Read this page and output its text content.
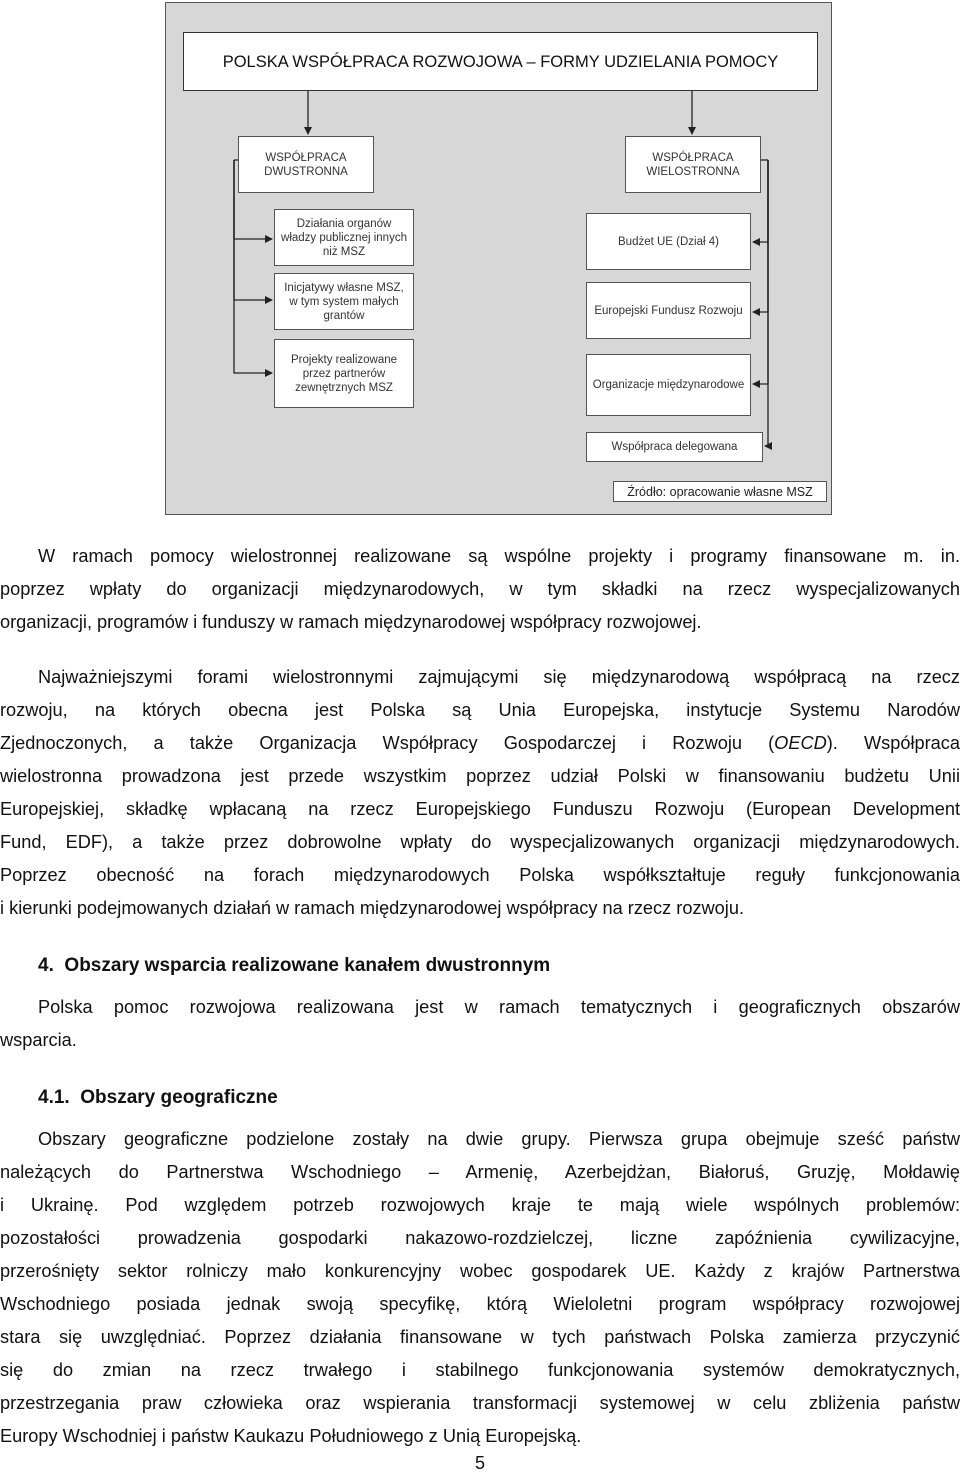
POLSKA WSPÓŁPRACA ROZWOJOWA – FORMY UDZIELANIA POMOCY
WSPÓŁPRACA DWUSTRONNA
WSPÓŁPRACA WIELOSTRONNA
Działania organów władzy publicznej innych niż MSZ
Inicjatywy własne MSZ, w tym system małych grantów
Projekty realizowane przez partnerów zewnętrznych MSZ
Budżet UE (Dział 4)
Europejski Fundusz Rozwoju
Organizacje międzynarodowe
Współpraca delegowana
Źródło: opracowanie własne MSZ
W ramach pomocy wielostronnej realizowane są wspólne projekty i programy finansowane m. in.
poprzez wpłaty do organizacji międzynarodowych, w tym składki na rzecz wyspecjalizowanych
organizacji, programów i funduszy w ramach międzynarodowej współpracy rozwojowej.
Najważniejszymi forami wielostronnymi zajmującymi się międzynarodową współpracą na rzecz
rozwoju, na których obecna jest Polska są Unia Europejska, instytucje Systemu Narodów
Zjednoczonych, a także Organizacja Współpracy Gospodarczej i Rozwoju (OECD). Współpraca
wielostronna prowadzona jest przede wszystkim poprzez udział Polski w finansowaniu budżetu Unii
Europejskiej, składkę wpłacaną na rzecz Europejskiego Funduszu Rozwoju (European Development
Fund, EDF), a także przez dobrowolne wpłaty do wyspecjalizowanych organizacji międzynarodowych.
Poprzez obecność na forach międzynarodowych Polska współkształtuje reguły funkcjonowania
i kierunki podejmowanych działań w ramach międzynarodowej współpracy na rzecz rozwoju.
4. Obszary wsparcia realizowane kanałem dwustronnym
Polska pomoc rozwojowa realizowana jest w ramach tematycznych i geograficznych obszarów
wsparcia.
4.1. Obszary geograficzne
Obszary geograficzne podzielone zostały na dwie grupy. Pierwsza grupa obejmuje sześć państw
należących do Partnerstwa Wschodniego – Armenię, Azerbejdżan, Białoruś, Gruzję, Mołdawię
i Ukrainę. Pod względem potrzeb rozwojowych kraje te mają wiele wspólnych problemów:
pozostałości prowadzenia gospodarki nakazowo-rozdzielczej, liczne zapóźnienia cywilizacyjne,
przerośnięty sektor rolniczy mało konkurencyjny wobec gospodarek UE. Każdy z krajów Partnerstwa
Wschodniego posiada jednak swoją specyfikę, którą Wieloletni program współpracy rozwojowej
stara się uwzględniać. Poprzez działania finansowane w tych państwach Polska zamierza przyczynić
się do zmian na rzecz trwałego i stabilnego funkcjonowania systemów demokratycznych,
przestrzegania praw człowieka oraz wspierania transformacji systemowej w celu zbliżenia państw
Europy Wschodniej i państw Kaukazu Południowego z Unią Europejską.
5
